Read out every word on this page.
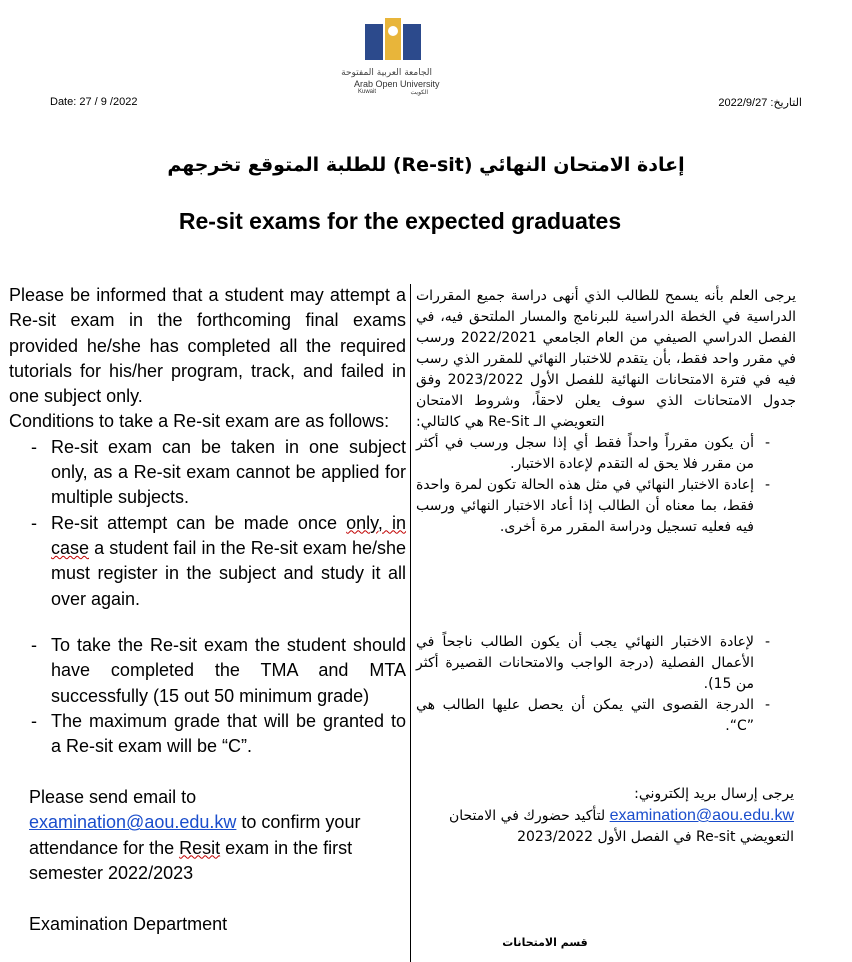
الجامعة العربية المفتوحة
Arab Open University
Kuwait	الكويت
Date: 27 / 9 /2022	التاريخ: 2022/9/27
إعادة الامتحان النهائي (Re-sit) للطلبة المتوقع تخرجهم
Re-sit exams for the expected graduates

Please be informed that a student may attempt a Re-sit exam in the forthcoming final exams provided he/she has completed all the required tutorials for his/her program, track, and failed in one subject only.

Conditions to take a Re-sit exam are as follows:

- Re-sit exam can be taken in one subject only, as a Re-sit exam cannot be applied for multiple subjects.
- Re-sit attempt can be made once only, in case a student fail in the Re-sit exam he/she must register in the subject and study it all over again.
- To take the Re-sit exam the student should have completed the TMA and MTA successfully (15 out 50 minimum grade)
- The maximum grade that will be granted to a Re-sit exam will be “C”.

Please send email to
examination@aou.edu.kw to confirm your attendance for the Resit exam in the first semester 2022/2023

Examination Department

يرجى العلم بأنه يسمح للطالب الذي أنهى دراسة جميع المقررات الدراسية في الخطة الدراسية للبرنامج والمسار الملتحق فيه، في الفصل الدراسي الصيفي من العام الجامعي 2022/2021 ورسب في مقرر واحد فقط، بأن يتقدم للاختبار النهائي للمقرر الذي رسب فيه في فترة الامتحانات النهائية للفصل الأول 2023/2022 وفق جدول الامتحانات الذي سوف يعلن لاحقاً، وشروط الامتحان التعويضي الـ Re-Sit هي كالتالي:

- أن يكون مقرراً واحداً فقط أي إذا سجل ورسب في أكثر من مقرر فلا يحق له التقدم لإعادة الاختبار.
- إعادة الاختبار النهائي في مثل هذه الحالة تكون لمرة واحدة فقط، بما معناه أن الطالب إذا أعاد الاختبار النهائي ورسب فيه فعليه تسجيل ودراسة المقرر مرة أخرى.
- لإعادة الاختبار النهائي يجب أن يكون الطالب ناجحاً في الأعمال الفصلية (درجة الواجب والامتحانات القصيرة أكثر من 15).
- الدرجة القصوى التي يمكن أن يحصل عليها الطالب هي ”C“.

يرجى إرسال بريد إلكتروني:

examination@aou.edu.kw لتأكيد حضورك في الامتحان التعويضي Re-sit في الفصل الأول 2023/2022

قسم الامتحانات
